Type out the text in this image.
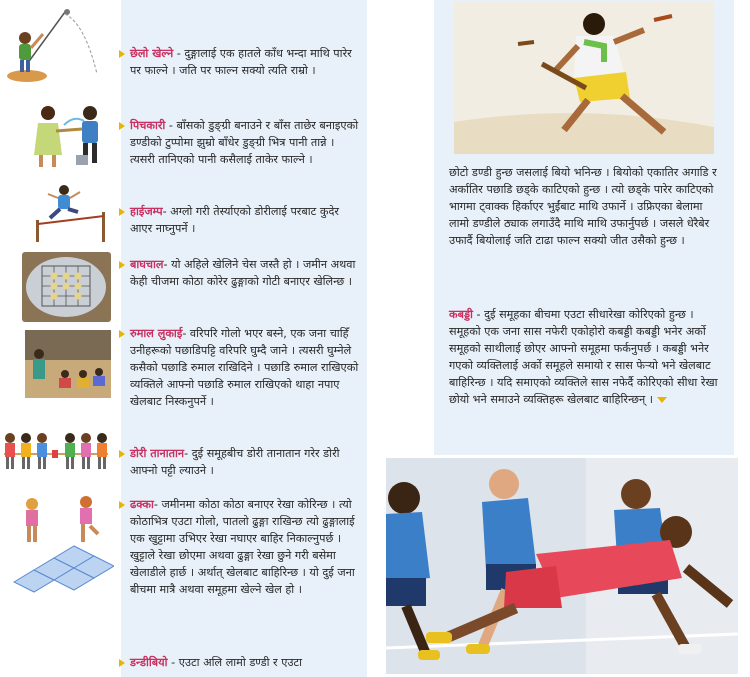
छेलो खेल्ने - दुङ्गालाई एक हातले काँध भन्दा माथि पारेर पर फाल्ने । जति पर फाल्न सक्यो त्यति राम्रो ।
पिचकारी - बाँसको डुङ्ग्री बनाउने र बाँस ताछेर बनाइएको डण्डीको टुप्पोमा झुम्रो बाँधेर डुङ्ग्री भित्र पानी तान्ने । त्यसरी तानिएको पानी कसैलाई ताकेर फाल्ने ।
हाईजम्प- अग्लो गरी तेर्स्याएको डोरीलाई परबाट कुदेर आएर नाघ्नुपर्ने ।
बाघचाल- यो अहिले खेलिने चेस जस्तै हो । जमीन अथवा केही चीजमा कोठा कोरेर ढुङ्गाको गोटी बनाएर खेलिन्छ ।
रुमाल लुकाई- वरिपरि गोलो भएर बस्ने, एक जना चाहिँ उनीहरूको पछाडिपट्टि वरिपरि घुम्दै जाने । त्यसरी घुम्नेले कसैको पछाडि रुमाल राखिदिने । पछाडि रुमाल राखिएको व्यक्तिले आफ्नो पछाडि रुमाल राखिएको थाहा नपाए खेलबाट निस्कनुपर्ने ।
डोरी तानातान- दुई समूहबीच डोरी तानातान गरेर डोरी आफ्नो पट्टी ल्याउने ।
ढक्का- जमीनमा कोठा कोठा बनाएर रेखा कोरिन्छ । त्यो कोठाभित्र एउटा गोलो, पातलो ढुङ्गा राखिन्छ त्यो ढुङ्गालाई एक खुट्टामा उभिएर रेखा नघाएर बाहिर निकाल्नुपर्छ । खुट्टाले रेखा छोएमा अथवा ढुङ्गा रेखा छुने गरी बसेमा खेलाडीले हार्छ । अर्थात् खेलबाट बाहिरिन्छ । यो दुई जना बीचमा मात्रै अथवा समूहमा खेल्ने खेल हो ।
डन्डीबियो - एउटा अलि लामो डण्डी र एउटा
छोटो डण्डी हुन्छ जसलाई बियो भनिन्छ । बियोको एकातिर अगाडि र अर्कातिर पछाडि छड्के काटिएको हुन्छ । त्यो छड्के पारेर काटिएको भागमा ट्वाक्क हिर्काएर भुईंबाट माथि उफार्ने । उफ्रिएका बेलामा लामो डण्डीले ठ्याक लगाउँदै माथि माथि उफार्नुपर्छ । जसले धेरैबेर उफार्दै बियोलाई जति टाढा फाल्न सक्यो जीत उसैको हुन्छ ।
कबड्डी - दुई समूहका बीचमा एउटा सीधारेखा कोरिएको हुन्छ । समूहको एक जना सास नफेरी एकोहोरो कबड्डी कबड्डी भनेर अर्को समूहको साथीलाई छोएर आफ्नो समूहमा फर्कनुपर्छ । कबड्डी भनेर गएको व्यक्तिलाई अर्को समूहले समायो र सास फेर्‍यो भने खेलबाट बाहिरिन्छ । यदि समाएको व्यक्तिले सास नफेर्दै कोरिएको सीधा रेखा छोयो भने समाउने व्यक्तिहरू खेलबाट बाहिरिन्छन् ।
